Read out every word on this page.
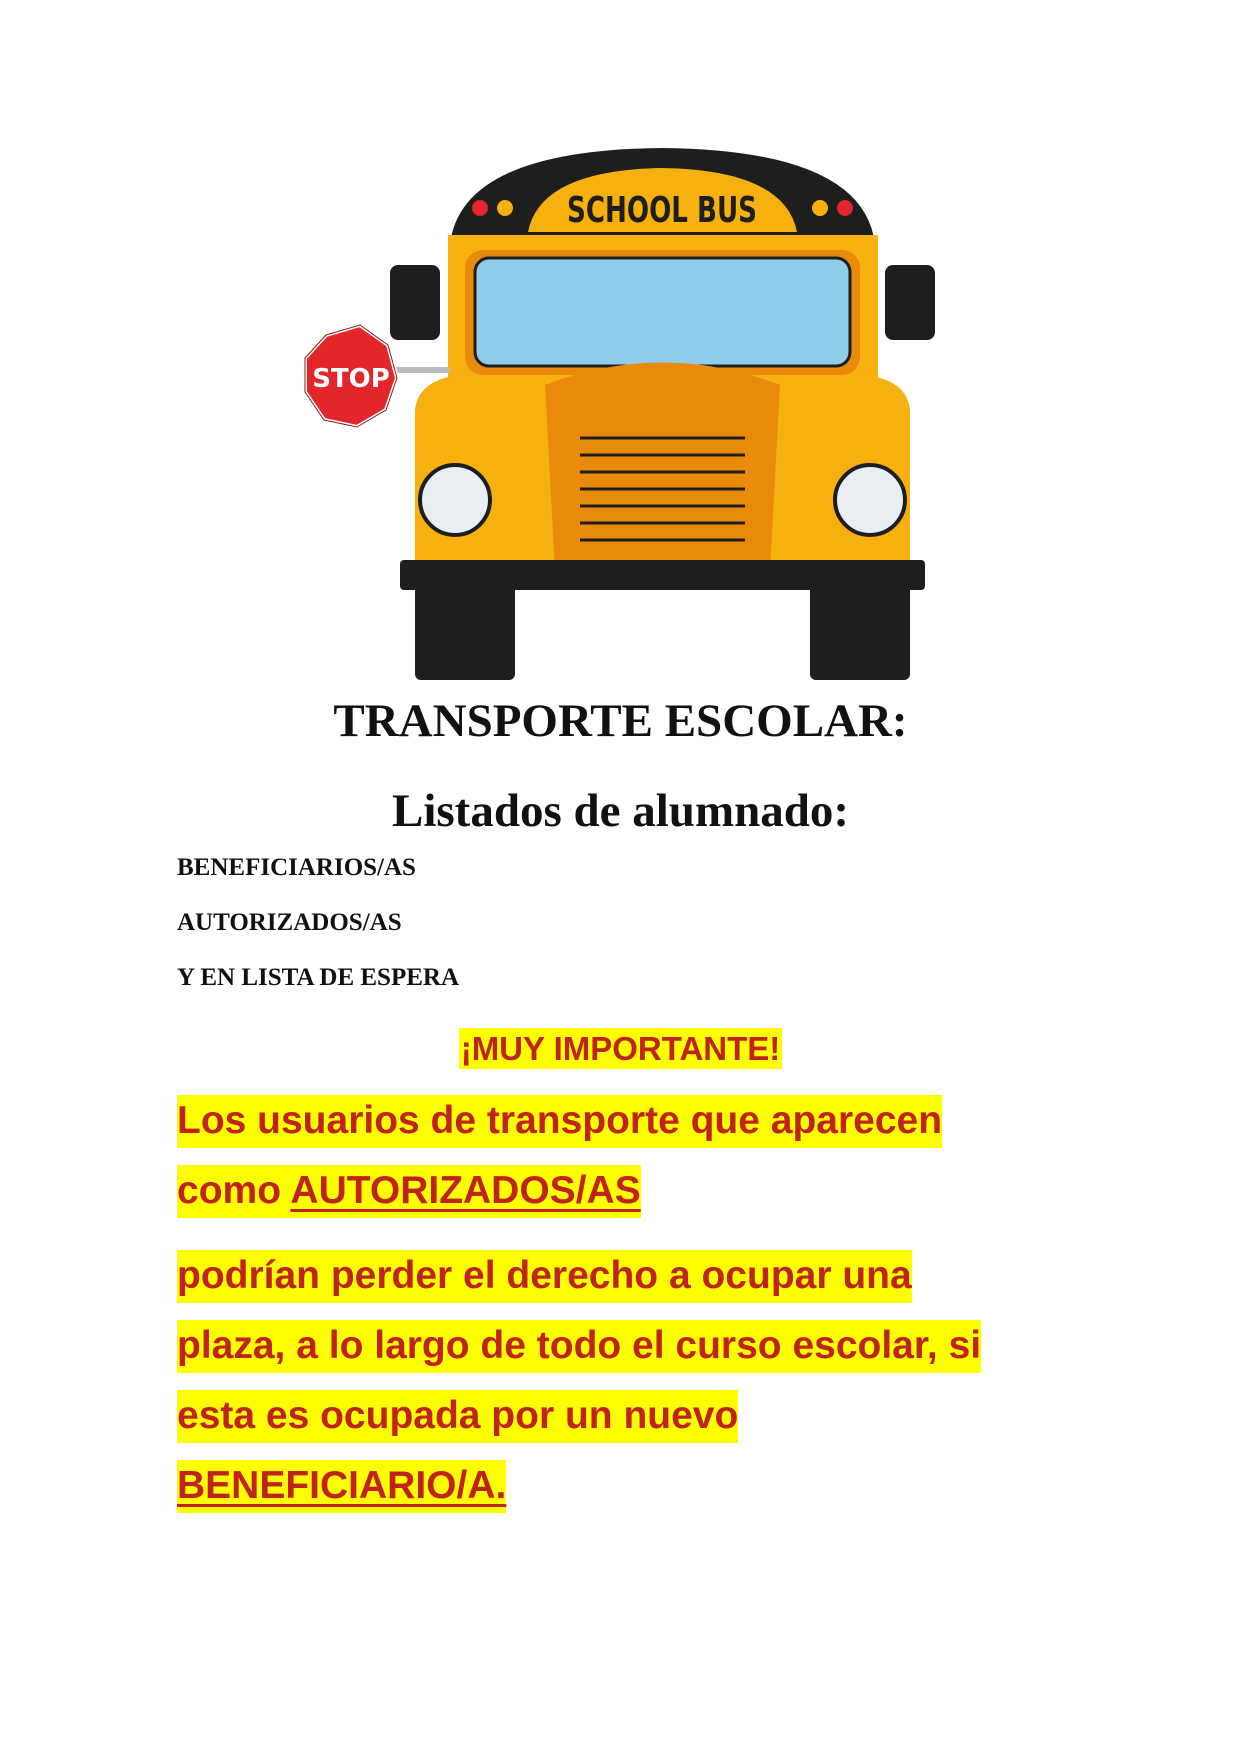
SCHOOL BUS
STOP
TRANSPORTE ESCOLAR:
Listados de alumnado:
BENEFICIARIOS/AS
AUTORIZADOS/AS
Y EN LISTA DE ESPERA
¡MUY IMPORTANTE!
Los usuarios de transporte que aparecen
como AUTORIZADOS/AS
podrían perder el derecho a ocupar una
plaza, a lo largo de todo el curso escolar, si
esta es ocupada por un nuevo
BENEFICIARIO/A.
